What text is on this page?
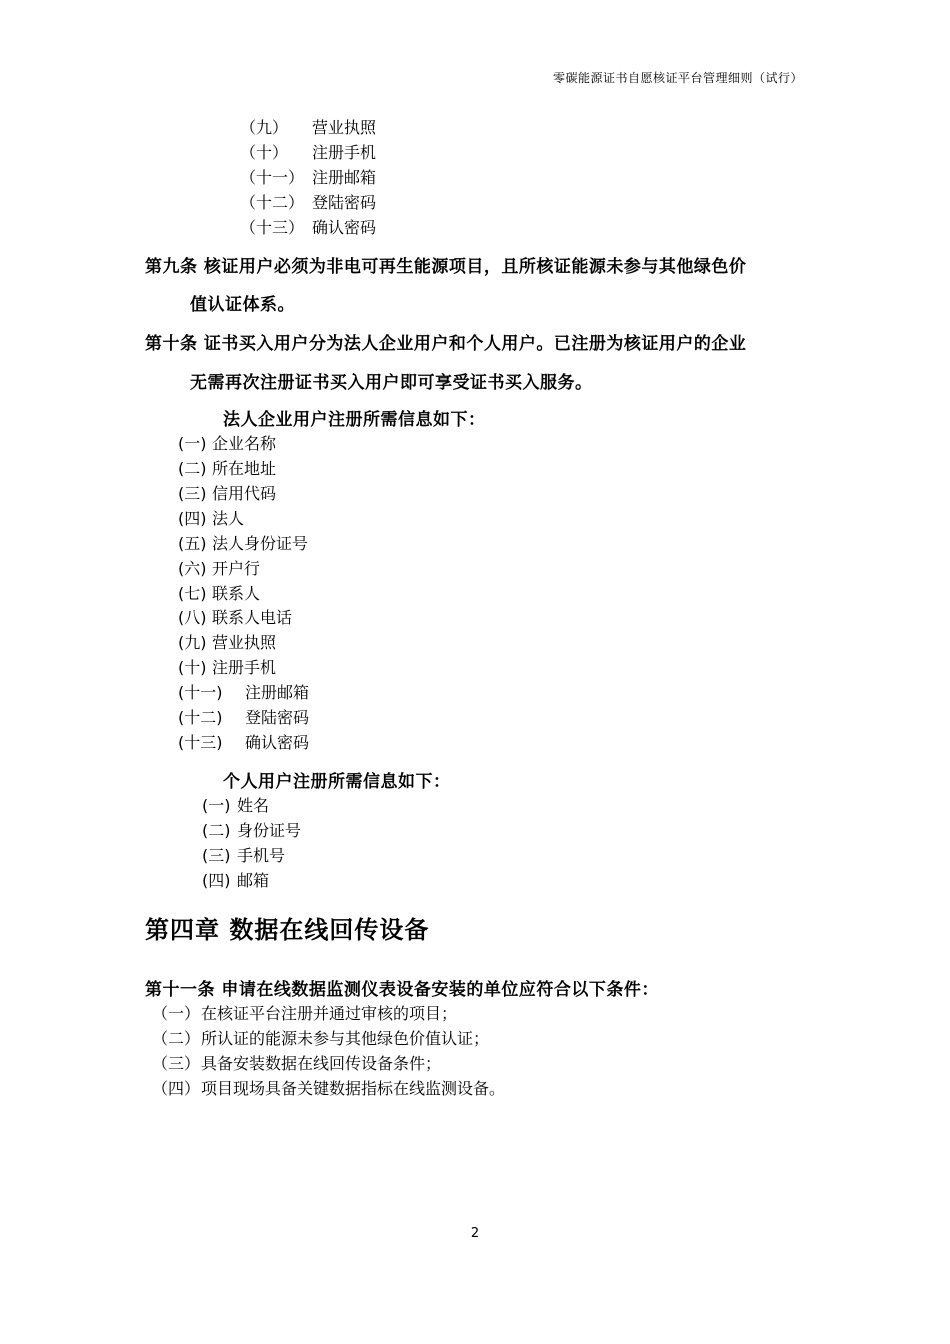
零碳能源证书自愿核证平台管理细则（试行）
（九） 营业执照
（十） 注册手机
（十一） 注册邮箱
（十二） 登陆密码
（十三） 确认密码
第九条 核证用户必须为非电可再生能源项目，且所核证能源未参与其他绿色价
值认证体系。
第十条 证书买入用户分为法人企业用户和个人用户。已注册为核证用户的企业
无需再次注册证书买入用户即可享受证书买入服务。
法人企业用户注册所需信息如下：
(一) 企业名称
(二) 所在地址
(三) 信用代码
(四) 法人
(五) 法人身份证号
(六) 开户行
(七) 联系人
(八) 联系人电话
(九) 营业执照
(十) 注册手机
(十一) 注册邮箱
(十二) 登陆密码
(十三) 确认密码
个人用户注册所需信息如下：
(一) 姓名
(二) 身份证号
(三) 手机号
(四) 邮箱
第四章 数据在线回传设备
第十一条 申请在线数据监测仪表设备安装的单位应符合以下条件：
（一）在核证平台注册并通过审核的项目；
（二）所认证的能源未参与其他绿色价值认证；
（三）具备安装数据在线回传设备条件；
（四）项目现场具备关键数据指标在线监测设备。
2
